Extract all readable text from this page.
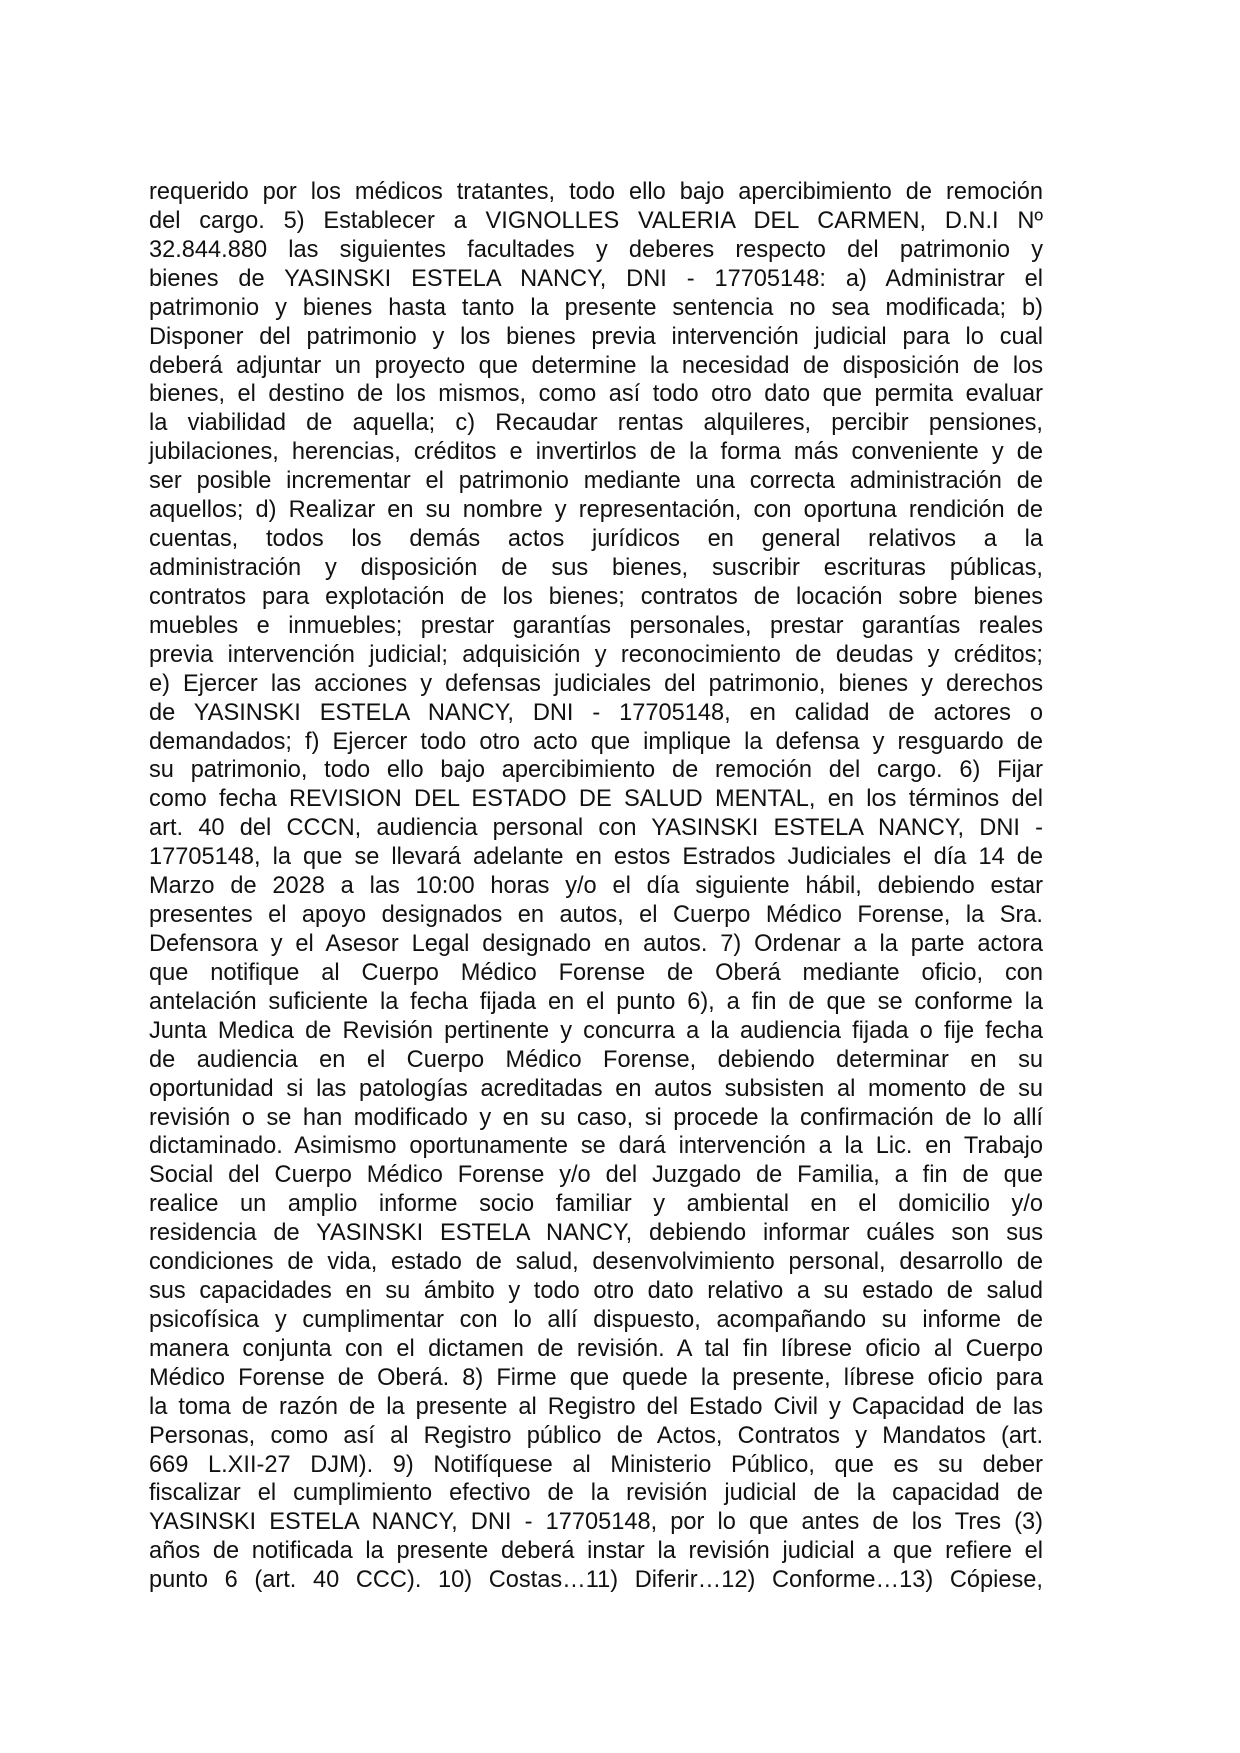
requerido por los médicos tratantes, todo ello bajo apercibimiento de remoción
del cargo. 5) Establecer a VIGNOLLES VALERIA DEL CARMEN, D.N.I Nº
32.844.880 las siguientes facultades y deberes respecto del patrimonio y
bienes de YASINSKI ESTELA NANCY, DNI - 17705148: a) Administrar el
patrimonio y bienes hasta tanto la presente sentencia no sea modificada; b)
Disponer del patrimonio y los bienes previa intervención judicial para lo cual
deberá adjuntar un proyecto que determine la necesidad de disposición de los
bienes, el destino de los mismos, como así todo otro dato que permita evaluar
la viabilidad de aquella; c) Recaudar rentas alquileres, percibir pensiones,
jubilaciones, herencias, créditos e invertirlos de la forma más conveniente y de
ser posible incrementar el patrimonio mediante una correcta administración de
aquellos; d) Realizar en su nombre y representación, con oportuna rendición de
cuentas, todos los demás actos jurídicos en general relativos a la
administración y disposición de sus bienes, suscribir escrituras públicas,
contratos para explotación de los bienes; contratos de locación sobre bienes
muebles e inmuebles; prestar garantías personales, prestar garantías reales
previa intervención judicial; adquisición y reconocimiento de deudas y créditos;
e) Ejercer las acciones y defensas judiciales del patrimonio, bienes y derechos
de YASINSKI ESTELA NANCY, DNI - 17705148, en calidad de actores o
demandados; f) Ejercer todo otro acto que implique la defensa y resguardo de
su patrimonio, todo ello bajo apercibimiento de remoción del cargo. 6) Fijar
como fecha REVISION DEL ESTADO DE SALUD MENTAL, en los términos del
art. 40 del CCCN, audiencia personal con YASINSKI ESTELA NANCY, DNI -
17705148, la que se llevará adelante en estos Estrados Judiciales el día 14 de
Marzo de 2028 a las 10:00 horas y/o el día siguiente hábil, debiendo estar
presentes el apoyo designados en autos, el Cuerpo Médico Forense, la Sra.
Defensora y el Asesor Legal designado en autos. 7) Ordenar a la parte actora
que notifique al Cuerpo Médico Forense de Oberá mediante oficio, con
antelación suficiente la fecha fijada en el punto 6), a fin de que se conforme la
Junta Medica de Revisión pertinente y concurra a la audiencia fijada o fije fecha
de audiencia en el Cuerpo Médico Forense, debiendo determinar en su
oportunidad si las patologías acreditadas en autos subsisten al momento de su
revisión o se han modificado y en su caso, si procede la confirmación de lo allí
dictaminado. Asimismo oportunamente se dará intervención a la Lic. en Trabajo
Social del Cuerpo Médico Forense y/o del Juzgado de Familia, a fin de que
realice un amplio informe socio familiar y ambiental en el domicilio y/o
residencia de YASINSKI ESTELA NANCY, debiendo informar cuáles son sus
condiciones de vida, estado de salud, desenvolvimiento personal, desarrollo de
sus capacidades en su ámbito y todo otro dato relativo a su estado de salud
psicofísica y cumplimentar con lo allí dispuesto, acompañando su informe de
manera conjunta con el dictamen de revisión. A tal fin líbrese oficio al Cuerpo
Médico Forense de Oberá. 8) Firme que quede la presente, líbrese oficio para
la toma de razón de la presente al Registro del Estado Civil y Capacidad de las
Personas, como así al Registro público de Actos, Contratos y Mandatos (art.
669 L.XII-27 DJM). 9) Notifíquese al Ministerio Público, que es su deber
fiscalizar el cumplimiento efectivo de la revisión judicial de la capacidad de
YASINSKI ESTELA NANCY, DNI - 17705148, por lo que antes de los Tres (3)
años de notificada la presente deberá instar la revisión judicial a que refiere el
punto 6 (art. 40 CCC). 10) Costas…11) Diferir…12) Conforme…13) Cópiese,
